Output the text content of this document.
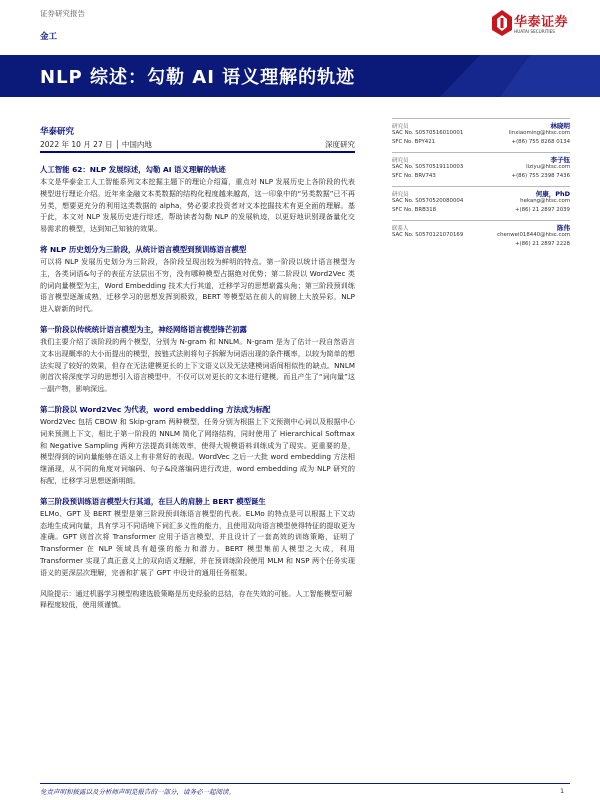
证券研究报告
金工
华泰证券
HUATAI SECURITIES
NLP 综述：勾勒 AI 语义理解的轨迹
华泰研究
2022 年 10 月 27 日 │ 中国内地	深度研究
人工智能 62：NLP 发展综述，勾勒 AI 语义理解的轨迹
本文是华泰金工人工智能系列文本挖掘主题下的理论介绍篇，重点对 NLP 发展历史上各阶段的代表模型进行理论介绍。近年来金融文本类数据的结构化程度越来越高，这一印象中的“另类数据”已不再另类，想要更充分的利用这类数据的 alpha，势必要求投资者对文本挖掘技术有更全面的理解。基于此，本文对 NLP 发展历史进行综述，帮助读者勾勒 NLP 的发展轨迹，以更好地识别现备量化交易需求的模型，达到知己知彼的效果。
将 NLP 历史划分为三阶段，从统计语言模型到预训练语言模型
可以将 NLP 发展历史划分为三阶段，各阶段呈现出较为鲜明的特点。第一阶段以统计语言模型为主，各类词语&句子的表征方法层出不穷，没有哪种模型占据绝对优势；第二阶段以 Word2Vec 类的词向量模型为主，Word Embedding 技术大行其道，迁移学习的思想崭露头角；第三阶段预训练语言模型逐渐成熟，迁移学习的思想发挥到极致，BERT 等模型站在前人的肩膀上大放异彩，NLP 进入崭新的时代。
第一阶段以传统统计语言模型为主，神经网络语言模型锋芒初露
我们主要介绍了该阶段的两个模型，分别为 N-gram 和 NNLM。N-gram 是为了估计一段自然语言文本出现概率的大小而提出的模型，按链式法则将句子拆解为词语出现的条件概率，以较为简单的想法实现了较好的效果，但存在无法建模更长的上下文语义以及无法建模词语间相似性的缺点。NNLM 则首次将深度学习的思想引入语言模型中，不仅可以对更长的文本进行建模，而且产生了“词向量”这一副产物，影响深远。
第二阶段以 Word2Vec 为代表，word embedding 方法成为标配
Word2Vec 包括 CBOW 和 Skip-gram 两种模型，任务分别为根据上下文预测中心词以及根据中心词来预测上下文，相比于第一阶段的 NNLM 简化了网络结构，同时使用了 Hierarchical Softmax 和 Negative Sampling 两种方法提高训练效率，使得大规模语料训练成为了现实。更重要的是，模型得到的词向量能够在语义上有非常好的表现。WordVec 之后一大批 word embedding 方法相继涌现，从不同的角度对词编码、句子&段落编码进行改进，word embedding 成为 NLP 研究的标配，迁移学习思想逐渐明朗。
第三阶段预训练语言模型大行其道，在巨人的肩膀上 BERT 模型诞生
ELMo、GPT 及 BERT 模型是第三阶段预训练语言模型的代表。ELMo 的特点是可以根据上下文动态地生成词向量，具有学习不同语境下词汇多义性的能力，且使用双向语言模型使得特征的提取更为准确。GPT 则首次将 Transformer 应用于语言模型，并且设计了一套高效的训练策略，证明了 Transformer 在 NLP 领域具有超强的能力和潜力。BERT 模型集前人模型之大成，利用 Transformer 实现了真正意义上的双向语义理解，并在预训练阶段使用 MLM 和 NSP 两个任务实现语义的更深层次理解，完善和扩展了 GPT 中设计的通用任务框架。
风险提示：通过机器学习模型构建选股策略是历史经验的总结，存在失效的可能。人工智能模型可解释程度较低，使用须谨慎。
研究员	林晓明
SAC No. S0570516010001	linxiaoming@htsc.com
SFC No. BPY421	+(86) 755 8268 0134
研究员	李子钰
SAC No. S0570519110003	liziyu@htsc.com
SFC No. BRV743	+(86) 755 2398 7436
研究员	何康，PhD
SAC No. S0570520080004	hekang@htsc.com
SFC No. BRB318	+(86) 21 2897 2039
联系人	陈伟
SAC No. S0570121070169	chenwei018440@htsc.com
+(86) 21 2897 2228
免责声明和披露以及分析师声明是报告的一部分，请务必一起阅读。	1
